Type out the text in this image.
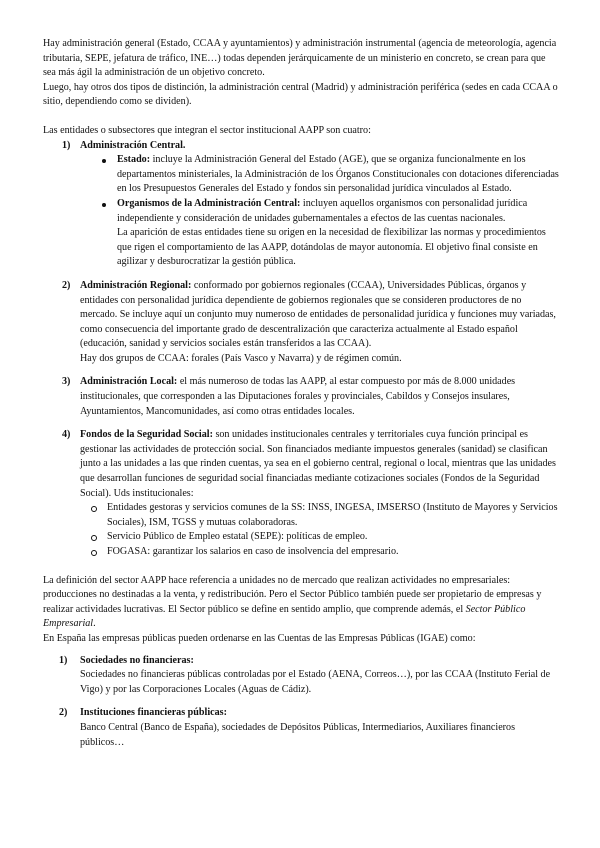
Hay administración general (Estado, CCAA y ayuntamientos) y administración instrumental (agencia de meteorología, agencia tributaria, SEPE, jefatura de tráfico, INE…) todas dependen jerárquicamente de un ministerio en concreto, se crean para que sea más ágil la administración de un objetivo concreto.

Luego, hay otros dos tipos de distinción, la administración central (Madrid) y administración periférica (sedes en cada CCAA o sitio, dependiendo como se dividen).

Las entidades o subsectores que integran el sector institucional AAPP son cuatro:

1) Administración Central.
Estado: incluye la Administración General del Estado (AGE), que se organiza funcionalmente en los departamentos ministeriales, la Administración de los Órganos Constitucionales con dotaciones diferenciadas en los Presupuestos Generales del Estado y fondos sin personalidad jurídica vinculados al Estado.
Organismos de la Administración Central: incluyen aquellos organismos con personalidad jurídica independiente y consideración de unidades gubernamentales a efectos de las cuentas nacionales.

La aparición de estas entidades tiene su origen en la necesidad de flexibilizar las normas y procedimientos que rigen el comportamiento de las AAPP, dotándolas de mayor autonomía. El objetivo final consiste en agilizar y desburocratizar la gestión pública.

2) Administración Regional: conformado por gobiernos regionales (CCAA), Universidades Públicas, órganos y entidades con personalidad jurídica dependiente de gobiernos regionales que se consideren productores de no mercado. Se incluye aquí un conjunto muy numeroso de entidades de personalidad jurídica y funciones muy variadas, como consecuencia del importante grado de descentralización que caracteriza actualmente al Estado español (educación, sanidad y servicios sociales están transferidos a las CCAA).

Hay dos grupos de CCAA: forales (País Vasco y Navarra) y de régimen común.

3) Administración Local: el más numeroso de todas las AAPP, al estar compuesto por más de 8.000 unidades institucionales, que corresponden a las Diputaciones forales y provinciales, Cabildos y Consejos insulares, Ayuntamientos, Mancomunidades, así como otras entidades locales.
4) Fondos de la Seguridad Social: son unidades institucionales centrales y territoriales cuya función principal es gestionar las actividades de protección social. Son financiados mediante impuestos generales (sanidad) se clasifican junto a las unidades a las que rinden cuentas, ya sea en el gobierno central, regional o local, mientras que las unidades que desarrollan funciones de seguridad social financiadas mediante cotizaciones sociales (Fondos de la Seguridad Social). Uds institucionales:
Entidades gestoras y servicios comunes de la SS: INSS, INGESA, IMSERSO (Instituto de Mayores y Servicios Sociales), ISM, TGSS y mutuas colaboradoras.
Servicio Público de Empleo estatal (SEPE): políticas de empleo.
FOGASA: garantizar los salarios en caso de insolvencia del empresario.

La definición del sector AAPP hace referencia a unidades no de mercado que realizan actividades no empresariales: producciones no destinadas a la venta, y redistribución. Pero el Sector Público también puede ser propietario de empresas y realizar actividades lucrativas. El Sector público se define en sentido amplio, que comprende además, el Sector Público Empresarial.

En España las empresas públicas pueden ordenarse en las Cuentas de las Empresas Públicas (IGAE) como:

1) Sociedades no financieras:

Sociedades no financieras públicas controladas por el Estado (AENA, Correos…), por las CCAA (Instituto Ferial de Vigo) y por las Corporaciones Locales (Aguas de Cádiz).

2) Instituciones financieras públicas:

Banco Central (Banco de España), sociedades de Depósitos Públicas, Intermediarios, Auxiliares financieros públicos…
